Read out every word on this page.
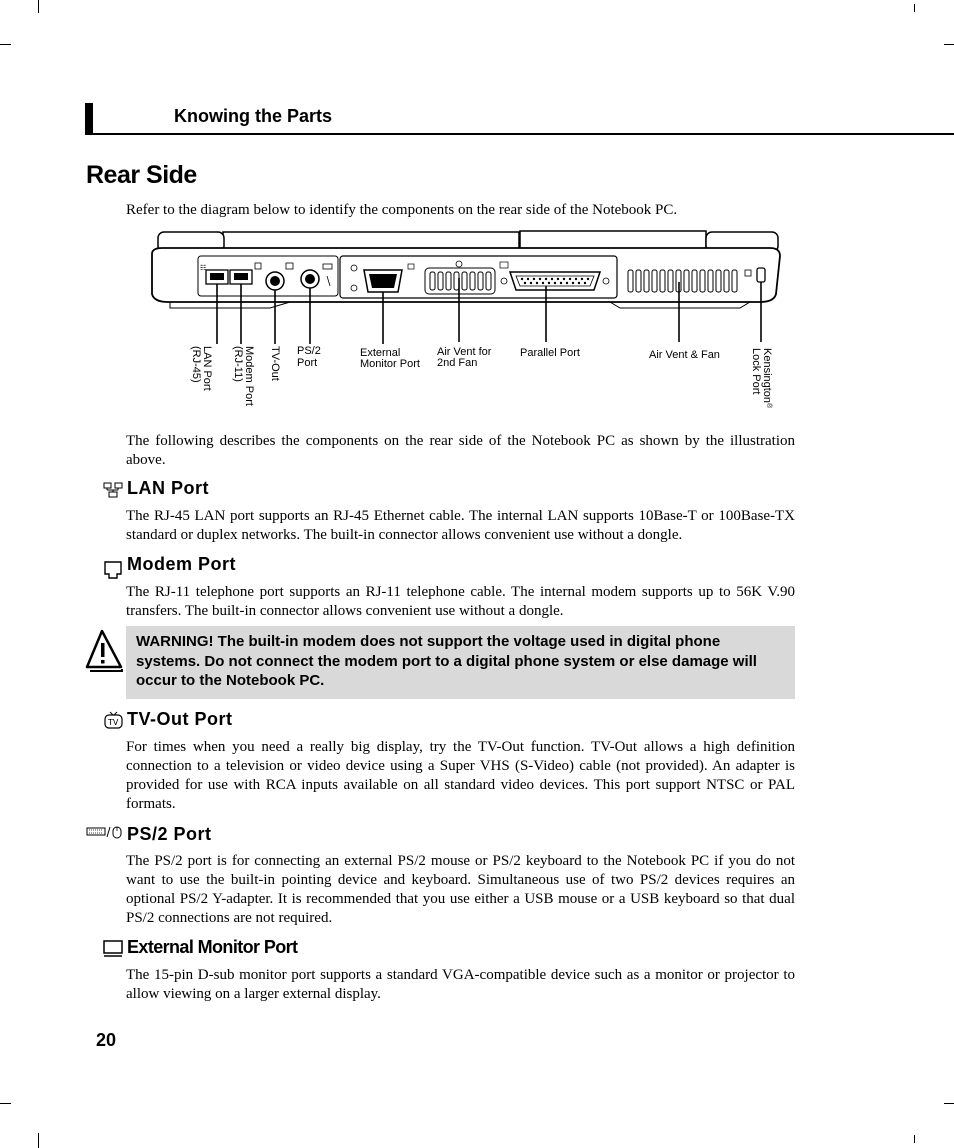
Knowing the Parts
Rear Side
Refer to the diagram below to identify the components on the rear side of the Notebook PC.
☷
LAN Port(RJ-45)	Modem Port(RJ-11)	TV-Out PS/2 Port
External Monitor Port
Air Vent for 2nd Fan
Parallel Port	Air Vent & Fan	Kensington®Lock Port
The following describes the components on the rear side of the Notebook PC as shown by the illustration above.
LAN Port
The RJ-45 LAN port supports an RJ-45 Ethernet cable. The internal LAN supports 10Base-T or 100Base-TX standard or duplex networks. The built-in connector allows convenient use without a dongle.
Modem Port
The RJ-11 telephone port supports an RJ-11 telephone cable. The internal modem supports up to 56K V.90 transfers. The built-in connector allows convenient use without a dongle.
WARNING! The built-in modem does not support the voltage used in digital phone systems. Do not connect the modem port to a digital phone system or else damage will occur to the Notebook PC.
TV TV-Out Port
For times when you need a really big display, try the TV-Out function. TV-Out allows a high definition connection to a television or video device using a Super VHS (S-Video) cable (not provided). An adapter is provided for use with RCA inputs available on all standard video devices. This port support NTSC or PAL formats.
PS/2 Port
The PS/2 port is for connecting an external PS/2 mouse or PS/2 keyboard to the Notebook PC if you do not want to use the built-in pointing device and keyboard. Simultaneous use of two PS/2 devices requires an optional PS/2 Y-adapter. It is recommended that you use either a USB mouse or a USB keyboard so that dual PS/2 connections are not required.
External Monitor Port
The 15-pin D-sub monitor port supports a standard VGA-compatible device such as a monitor or projector to allow viewing on a larger external display.
20
